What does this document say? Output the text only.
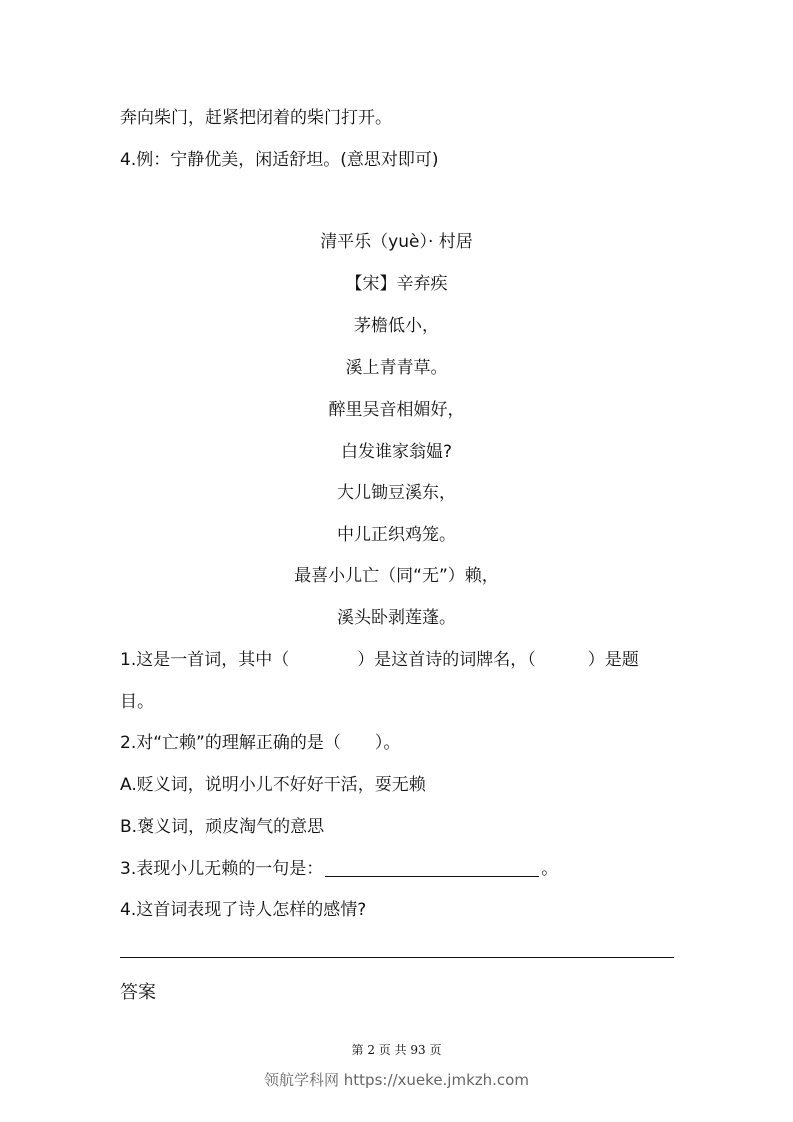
奔向柴门，赶紧把闭着的柴门打开。
4.例：宁静优美，闲适舒坦。(意思对即可)
清平乐（yuè）· 村居
【宋】辛弃疾
茅檐低小，
溪上青青草。
醉里吴音相媚好，
白发谁家翁媪?
大儿锄豆溪东，
中儿正织鸡笼。
最喜小儿亡（同“无”）赖，
溪头卧剥莲蓬。
1.这是一首词，其中（	）是这首诗的词牌名，（	）是题
目。
2.对“亡赖”的理解正确的是（　　）。
A.贬义词，说明小儿不好好干活，耍无赖
B.褒义词，顽皮淘气的意思
3.表现小儿无赖的一句是：	。
4.这首词表现了诗人怎样的感情?
答案
第 2 页 共 93 页
领航学科网 https://xueke.jmkzh.com
